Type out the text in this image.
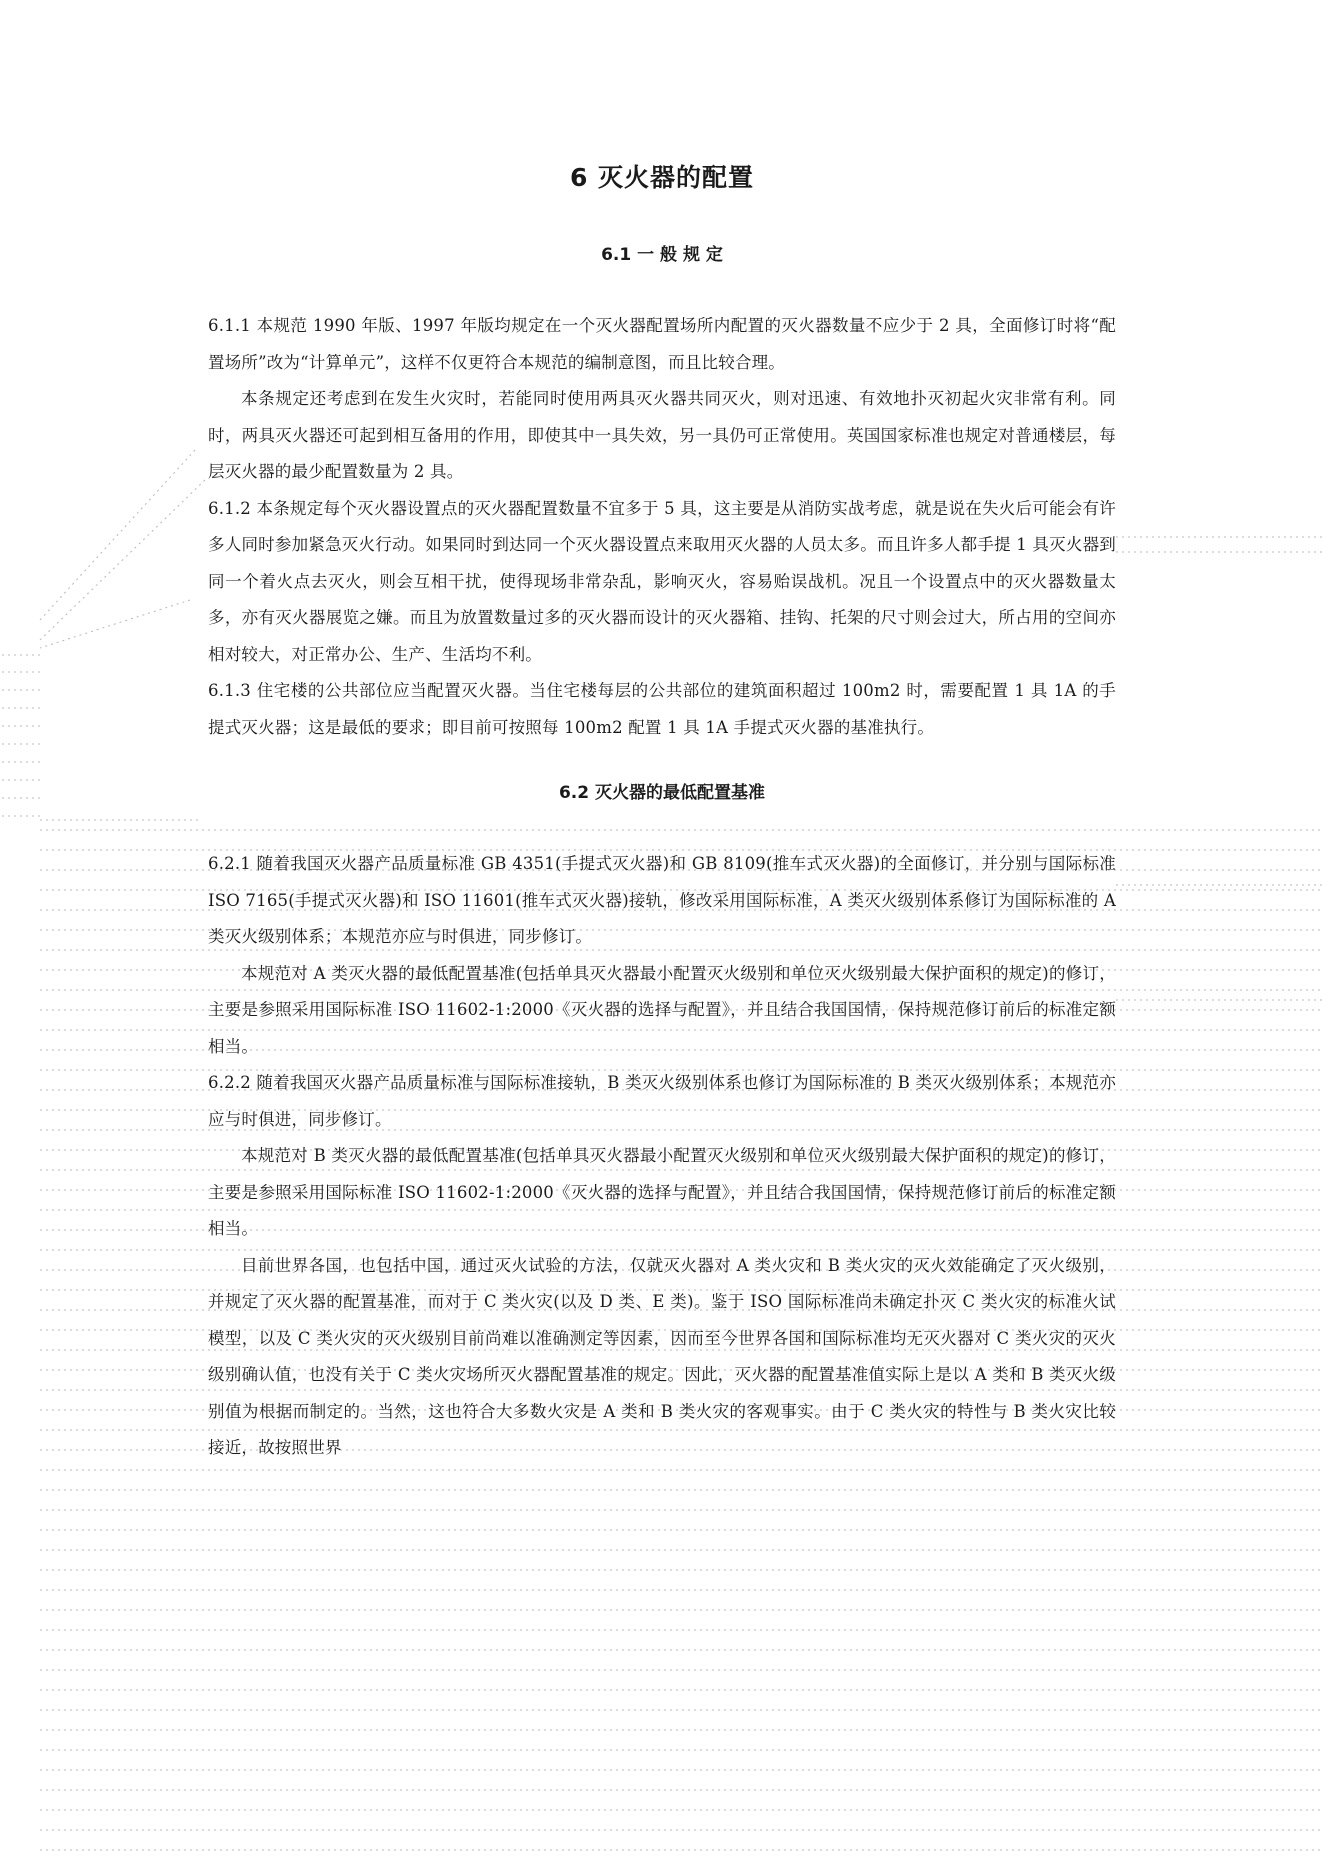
6 灭火器的配置
6.1 一 般 规 定

6.1.1 本规范 1990 年版、1997 年版均规定在一个灭火器配置场所内配置的灭火器数量不应少于 2 具，全面修订时将“配置场所”改为“计算单元”，这样不仅更符合本规范的编制意图，而且比较合理。

本条规定还考虑到在发生火灾时，若能同时使用两具灭火器共同灭火，则对迅速、有效地扑灭初起火灾非常有利。同时，两具灭火器还可起到相互备用的作用，即使其中一具失效，另一具仍可正常使用。英国国家标准也规定对普通楼层，每层灭火器的最少配置数量为 2 具。

6.1.2 本条规定每个灭火器设置点的灭火器配置数量不宜多于 5 具，这主要是从消防实战考虑，就是说在失火后可能会有许多人同时参加紧急灭火行动。如果同时到达同一个灭火器设置点来取用灭火器的人员太多。而且许多人都手提 1 具灭火器到同一个着火点去灭火，则会互相干扰，使得现场非常杂乱，影响灭火，容易贻误战机。况且一个设置点中的灭火器数量太多，亦有灭火器展览之嫌。而且为放置数量过多的灭火器而设计的灭火器箱、挂钩、托架的尺寸则会过大，所占用的空间亦相对较大，对正常办公、生产、生活均不利。

6.1.3 住宅楼的公共部位应当配置灭火器。当住宅楼每层的公共部位的建筑面积超过 100m2 时，需要配置 1 具 1A 的手提式灭火器；这是最低的要求；即目前可按照每 100m2 配置 1 具 1A 手提式灭火器的基准执行。

6.2 灭火器的最低配置基准

6.2.1 随着我国灭火器产品质量标准 GB 4351(手提式灭火器)和 GB 8109(推车式灭火器)的全面修订，并分别与国际标准 ISO 7165(手提式灭火器)和 ISO 11601(推车式灭火器)接轨，修改采用国际标准，A 类灭火级别体系修订为国际标准的 A 类灭火级别体系；本规范亦应与时俱进，同步修订。

本规范对 A 类灭火器的最低配置基准(包括单具灭火器最小配置灭火级别和单位灭火级别最大保护面积的规定)的修订，主要是参照采用国际标准 ISO 11602-1:2000《灭火器的选择与配置》，并且结合我国国情，保持规范修订前后的标准定额相当。

6.2.2 随着我国灭火器产品质量标准与国际标准接轨，B 类灭火级别体系也修订为国际标准的 B 类灭火级别体系；本规范亦应与时俱进，同步修订。

本规范对 B 类灭火器的最低配置基准(包括单具灭火器最小配置灭火级别和单位灭火级别最大保护面积的规定)的修订，主要是参照采用国际标准 ISO 11602-1:2000《灭火器的选择与配置》，并且结合我国国情，保持规范修订前后的标准定额相当。

目前世界各国，也包括中国，通过灭火试验的方法，仅就灭火器对 A 类火灾和 B 类火灾的灭火效能确定了灭火级别，并规定了灭火器的配置基准，而对于 C 类火灾(以及 D 类、E 类)。鉴于 ISO 国际标准尚未确定扑灭 C 类火灾的标准火试模型，以及 C 类火灾的灭火级别目前尚难以准确测定等因素，因而至今世界各国和国际标准均无灭火器对 C 类火灾的灭火级别确认值，也没有关于 C 类火灾场所灭火器配置基准的规定。因此，灭火器的配置基准值实际上是以 A 类和 B 类灭火级别值为根据而制定的。当然，这也符合大多数火灾是 A 类和 B 类火灾的客观事实。由于 C 类火灾的特性与 B 类火灾比较接近，故按照世界
